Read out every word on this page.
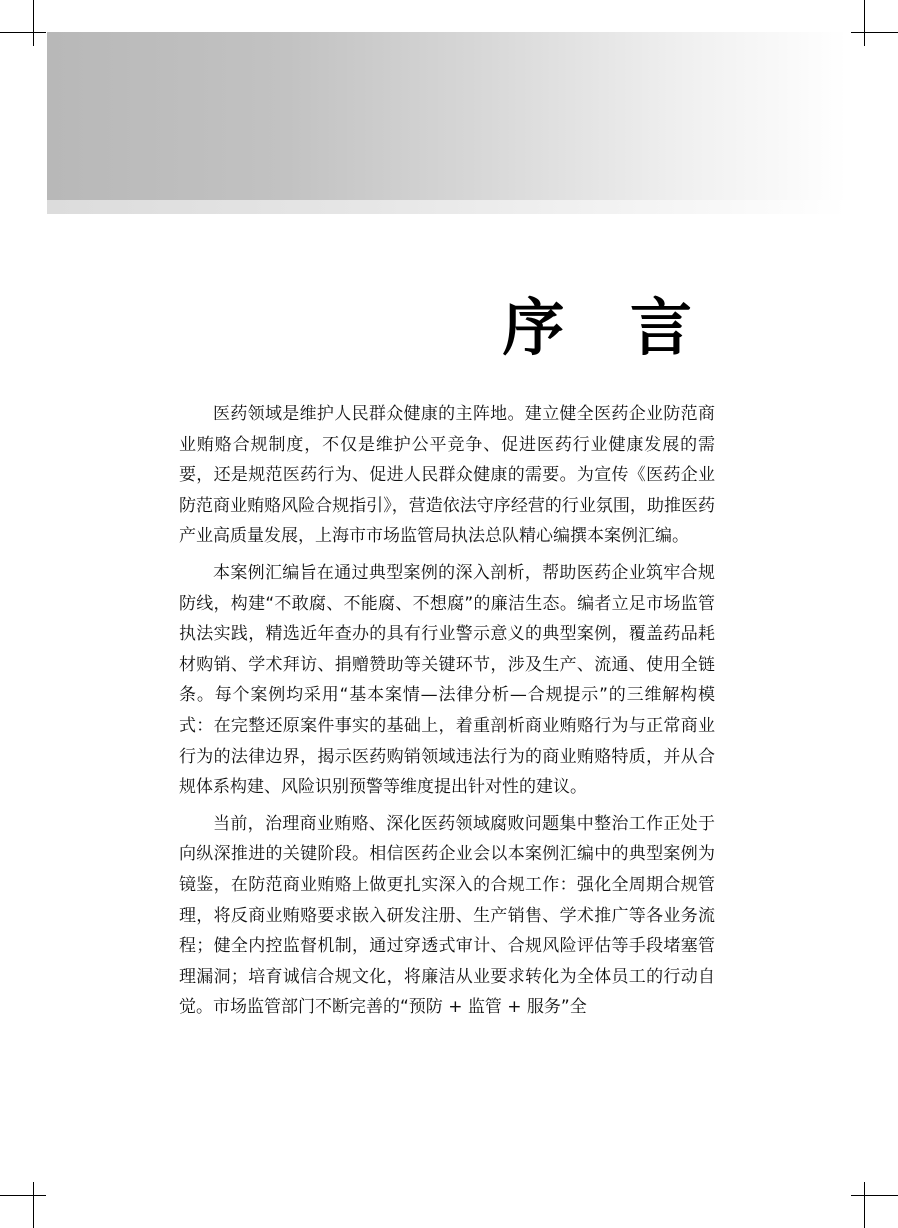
序 言

医药领域是维护人民群众健康的主阵地。建立健全医药企业防范商业贿赂合规制度，不仅是维护公平竞争、促进医药行业健康发展的需要，还是规范医药行为、促进人民群众健康的需要。为宣传《医药企业防范商业贿赂风险合规指引》，营造依法守序经营的行业氛围，助推医药产业高质量发展，上海市市场监管局执法总队精心编撰本案例汇编。

本案例汇编旨在通过典型案例的深入剖析，帮助医药企业筑牢合规防线，构建“不敢腐、不能腐、不想腐”的廉洁生态。编者立足市场监管执法实践，精选近年查办的具有行业警示意义的典型案例，覆盖药品耗材购销、学术拜访、捐赠赞助等关键环节，涉及生产、流通、使用全链条。每个案例均采用“基本案情—法律分析—合规提示”的三维解构模式：在完整还原案件事实的基础上，着重剖析商业贿赂行为与正常商业行为的法律边界，揭示医药购销领域违法行为的商业贿赂特质，并从合规体系构建、风险识别预警等维度提出针对性的建议。

当前，治理商业贿赂、深化医药领域腐败问题集中整治工作正处于向纵深推进的关键阶段。相信医药企业会以本案例汇编中的典型案例为镜鉴，在防范商业贿赂上做更扎实深入的合规工作：强化全周期合规管理，将反商业贿赂要求嵌入研发注册、生产销售、学术推广等各业务流程；健全内控监督机制，通过穿透式审计、合规风险评估等手段堵塞管理漏洞；培育诚信合规文化，将廉洁从业要求转化为全体员工的行动自觉。市场监管部门不断完善的“预防 + 监管 + 服务”全
